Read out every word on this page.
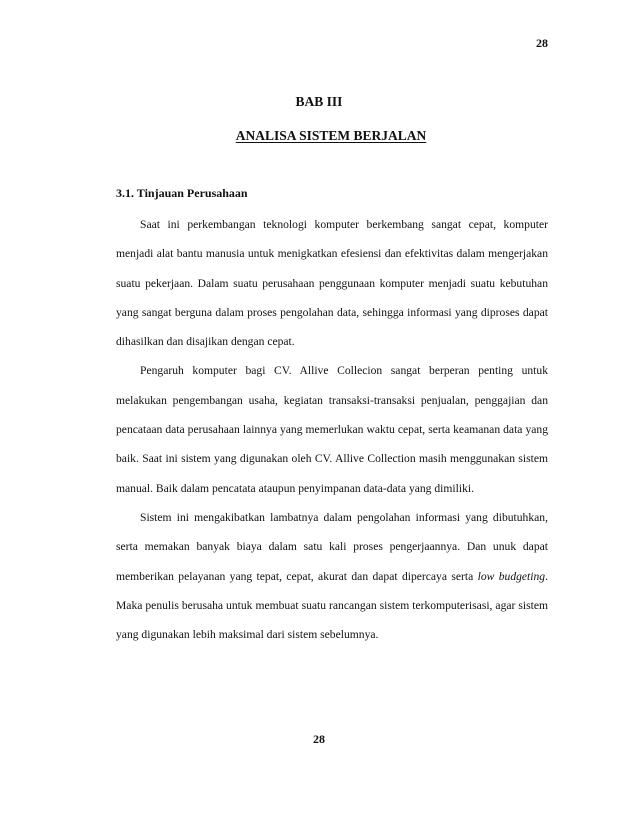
28
BAB III
ANALISA SISTEM BERJALAN
3.1. Tinjauan Perusahaan

Saat ini perkembangan teknologi komputer berkembang sangat cepat, komputer menjadi alat bantu manusia untuk menigkatkan efesiensi dan efektivitas dalam mengerjakan suatu pekerjaan. Dalam suatu perusahaan penggunaan komputer menjadi suatu kebutuhan yang sangat berguna dalam proses pengolahan data, sehingga informasi yang diproses dapat dihasilkan dan disajikan dengan cepat.

Pengaruh komputer bagi CV. Allive Collecion sangat berperan penting untuk melakukan pengembangan usaha, kegiatan transaksi-transaksi penjualan, penggajian dan pencataan data perusahaan lainnya yang memerlukan waktu cepat, serta keamanan data yang baik. Saat ini sistem yang digunakan oleh CV. Allive Collection masih menggunakan sistem manual. Baik dalam pencatata ataupun penyimpanan data-data yang dimiliki.

Sistem ini mengakibatkan lambatnya dalam pengolahan informasi yang dibutuhkan, serta memakan banyak biaya dalam satu kali proses pengerjaannya. Dan unuk dapat memberikan pelayanan yang tepat, cepat, akurat dan dapat dipercaya serta low budgeting. Maka penulis berusaha untuk membuat suatu rancangan sistem terkomputerisasi, agar sistem yang digunakan lebih maksimal dari sistem sebelumnya.

28
